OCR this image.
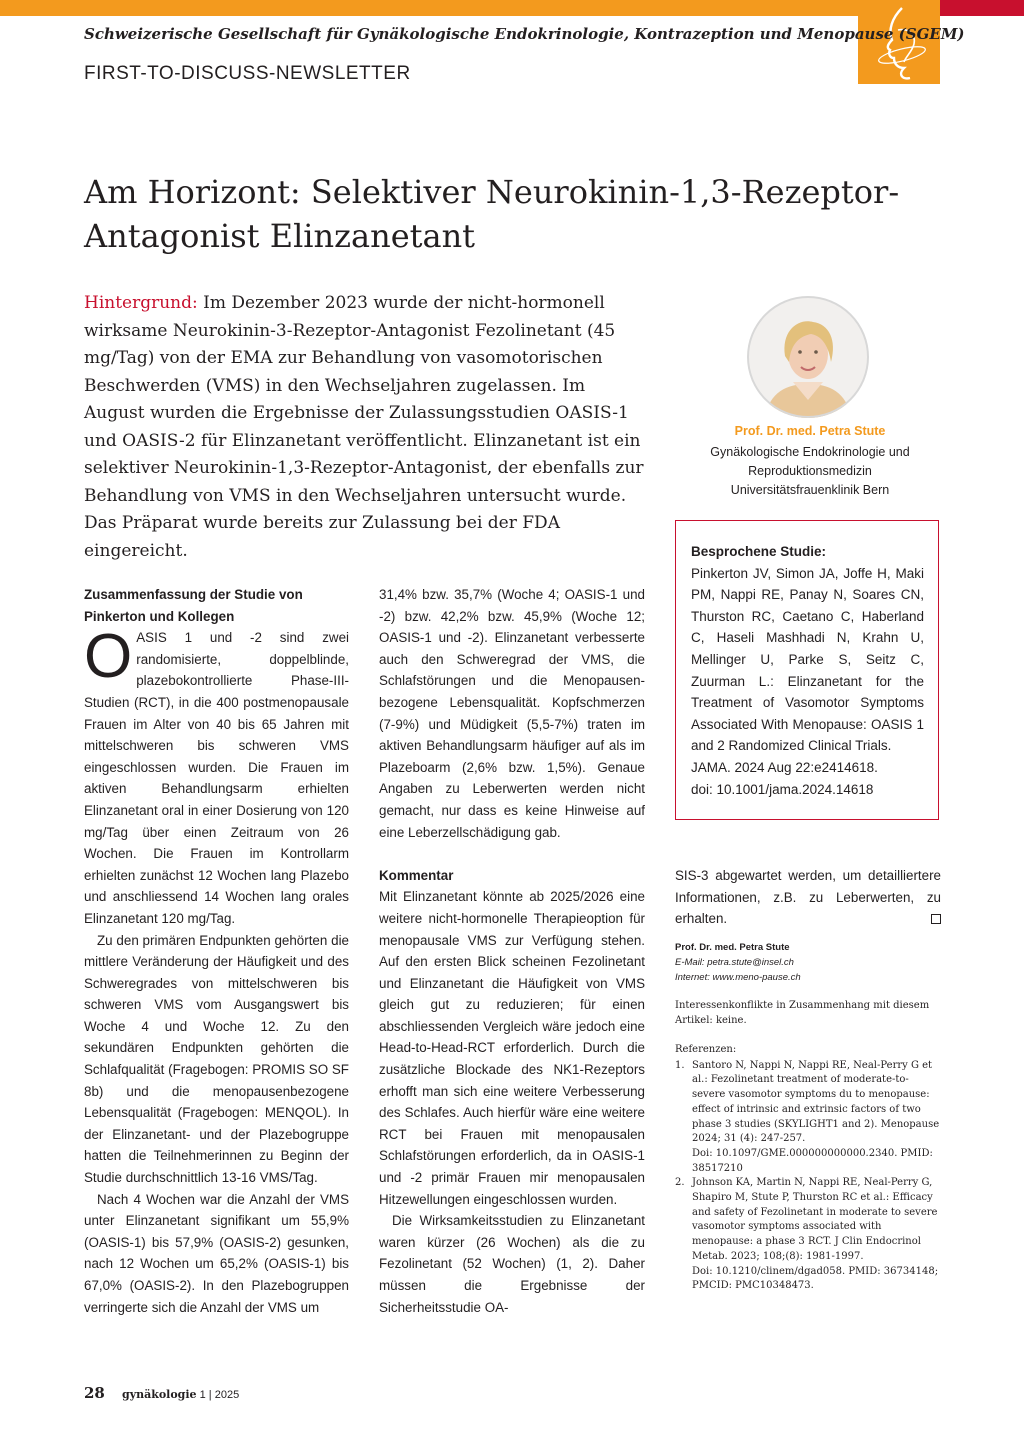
Schweizerische Gesellschaft für Gynäkologische Endokrinologie, Kontrazeption und Menopause (SGEM)
FIRST-TO-DISCUSS-NEWSLETTER
Am Horizont: Selektiver Neurokinin-1,3-Rezeptor-Antagonist Elinzanetant
Hintergrund: Im Dezember 2023 wurde der nicht-hormonell wirksame Neurokinin-3-Rezeptor-Antagonist Fezolinetant (45 mg/Tag) von der EMA zur Behandlung von vasomotorischen Beschwerden (VMS) in den Wechseljahren zugelassen. Im August wurden die Ergebnisse der Zulassungsstudien OASIS-1 und OASIS-2 für Elinzanetant veröffentlicht. Elinzanetant ist ein selektiver Neurokinin-1,3-Rezeptor-Antagonist, der ebenfalls zur Behandlung von VMS in den Wechseljahren untersucht wurde. Das Präparat wurde bereits zur Zulassung bei der FDA eingereicht.
Prof. Dr. med. Petra Stute
Gynäkologische Endokrinologie und
Reproduktionsmedizin
Universitätsfrauenklinik Bern

Besprochene Studie:

Pinkerton JV, Simon JA, Joffe H, Maki PM, Nappi RE, Panay N, Soares CN, Thurston RC, Caetano C, Haberland C, Haseli Mashhadi N, Krahn U, Mellinger U, Parke S, Seitz C, Zuurman L.: Elinzanetant for the Treatment of Vasomotor Symptoms Associated With Menopause: OASIS 1 and 2 Randomized Clinical Trials.

JAMA. 2024 Aug 22:e2414618.

doi: 10.1001/jama.2024.14618

Zusammenfassung der Studie von Pinkerton und Kollegen

OASIS 1 und -2 sind zwei randomisierte, doppelblinde, plazebokontrollierte Phase-III-Studien (RCT), in die 400 postmenopausale Frauen im Alter von 40 bis 65 Jahren mit mittelschweren bis schweren VMS eingeschlossen wurden. Die Frauen im aktiven Behandlungsarm erhielten Elinzanetant oral in einer Dosierung von 120 mg/Tag über einen Zeitraum von 26 Wochen. Die Frauen im Kontrollarm erhielten zunächst 12 Wochen lang Plazebo und anschliessend 14 Wochen lang orales Elinzanetant 120 mg/Tag.

Zu den primären Endpunkten gehörten die mittlere Veränderung der Häufigkeit und des Schweregrades von mittelschweren bis schweren VMS vom Ausgangswert bis Woche 4 und Woche 12. Zu den sekundären Endpunkten gehörten die Schlafqualität (Fragebogen: PROMIS SO SF 8b) und die menopausenbezogene Lebensqualität (Fragebogen: MENQOL). In der Elinzanetant- und der Plazebogruppe hatten die Teilnehmerinnen zu Beginn der Studie durchschnittlich 13-16 VMS/Tag.

Nach 4 Wochen war die Anzahl der VMS unter Elinzanetant signifikant um 55,9% (OASIS-1) bis 57,9% (OASIS-2) gesunken, nach 12 Wochen um 65,2% (OASIS-1) bis 67,0% (OASIS-2). In den Plazebogruppen verringerte sich die Anzahl der VMS um

31,4% bzw. 35,7% (Woche 4; OASIS-1 und -2) bzw. 42,2% bzw. 45,9% (Woche 12; OASIS-1 und -2). Elinzanetant verbesserte auch den Schweregrad der VMS, die Schlafstörungen und die Menopausen-bezogene Lebensqualität. Kopfschmerzen (7-9%) und Müdigkeit (5,5-7%) traten im aktiven Behandlungsarm häufiger auf als im Plazeboarm (2,6% bzw. 1,5%). Genaue Angaben zu Leberwerten werden nicht gemacht, nur dass es keine Hinweise auf eine Leberzellschädigung gab.

Kommentar

Mit Elinzanetant könnte ab 2025/2026 eine weitere nicht-hormonelle Therapieoption für menopausale VMS zur Verfügung stehen. Auf den ersten Blick scheinen Fezolinetant und Elinzanetant die Häufigkeit von VMS gleich gut zu reduzieren; für einen abschliessenden Vergleich wäre jedoch eine Head-to-Head-RCT erforderlich. Durch die zusätzliche Blockade des NK1-Rezeptors erhofft man sich eine weitere Verbesserung des Schlafes. Auch hierfür wäre eine weitere RCT bei Frauen mit menopausalen Schlafstörungen erforderlich, da in OASIS-1 und -2 primär Frauen mir menopausalen Hitzewellungen eingeschlossen wurden.

Die Wirksamkeitsstudien zu Elinzanetant waren kürzer (26 Wochen) als die zu Fezolinetant (52 Wochen) (1, 2). Daher müssen die Ergebnisse der Sicherheitsstudie OA-

SIS-3 abgewartet werden, um detailliertere Informationen, z.B. zu Leberwerten, zu erhalten.

Prof. Dr. med. Petra Stute
E-Mail: petra.stute@insel.ch
Internet: www.meno-pause.ch
Interessenkonflikte in Zusammenhang mit diesem Artikel: keine.
Referenzen:
1. Santoro N, Nappi N, Nappi RE, Neal-Perry G et al.: Fezolinetant treatment of moderate-to-severe vasomotor symptoms du to menopause: effect of intrinsic and extrinsic factors of two phase 3 studies (SKYLIGHT1 and 2). Menopause 2024; 31 (4): 247-257.
Doi: 10.1097/GME.000000000000.2340. PMID: 38517210
2. Johnson KA, Martin N, Nappi RE, Neal-Perry G, Shapiro M, Stute P, Thurston RC et al.: Efficacy and safety of Fezolinetant in moderate to severe vasomotor symptoms associated with menopause: a phase 3 RCT. J Clin Endocrinol Metab. 2023; 108;(8): 1981-1997.
Doi: 10.1210/clinem/dgad058. PMID: 36734148; PMCID: PMC10348473.
28 gynäkologie 1 | 2025
